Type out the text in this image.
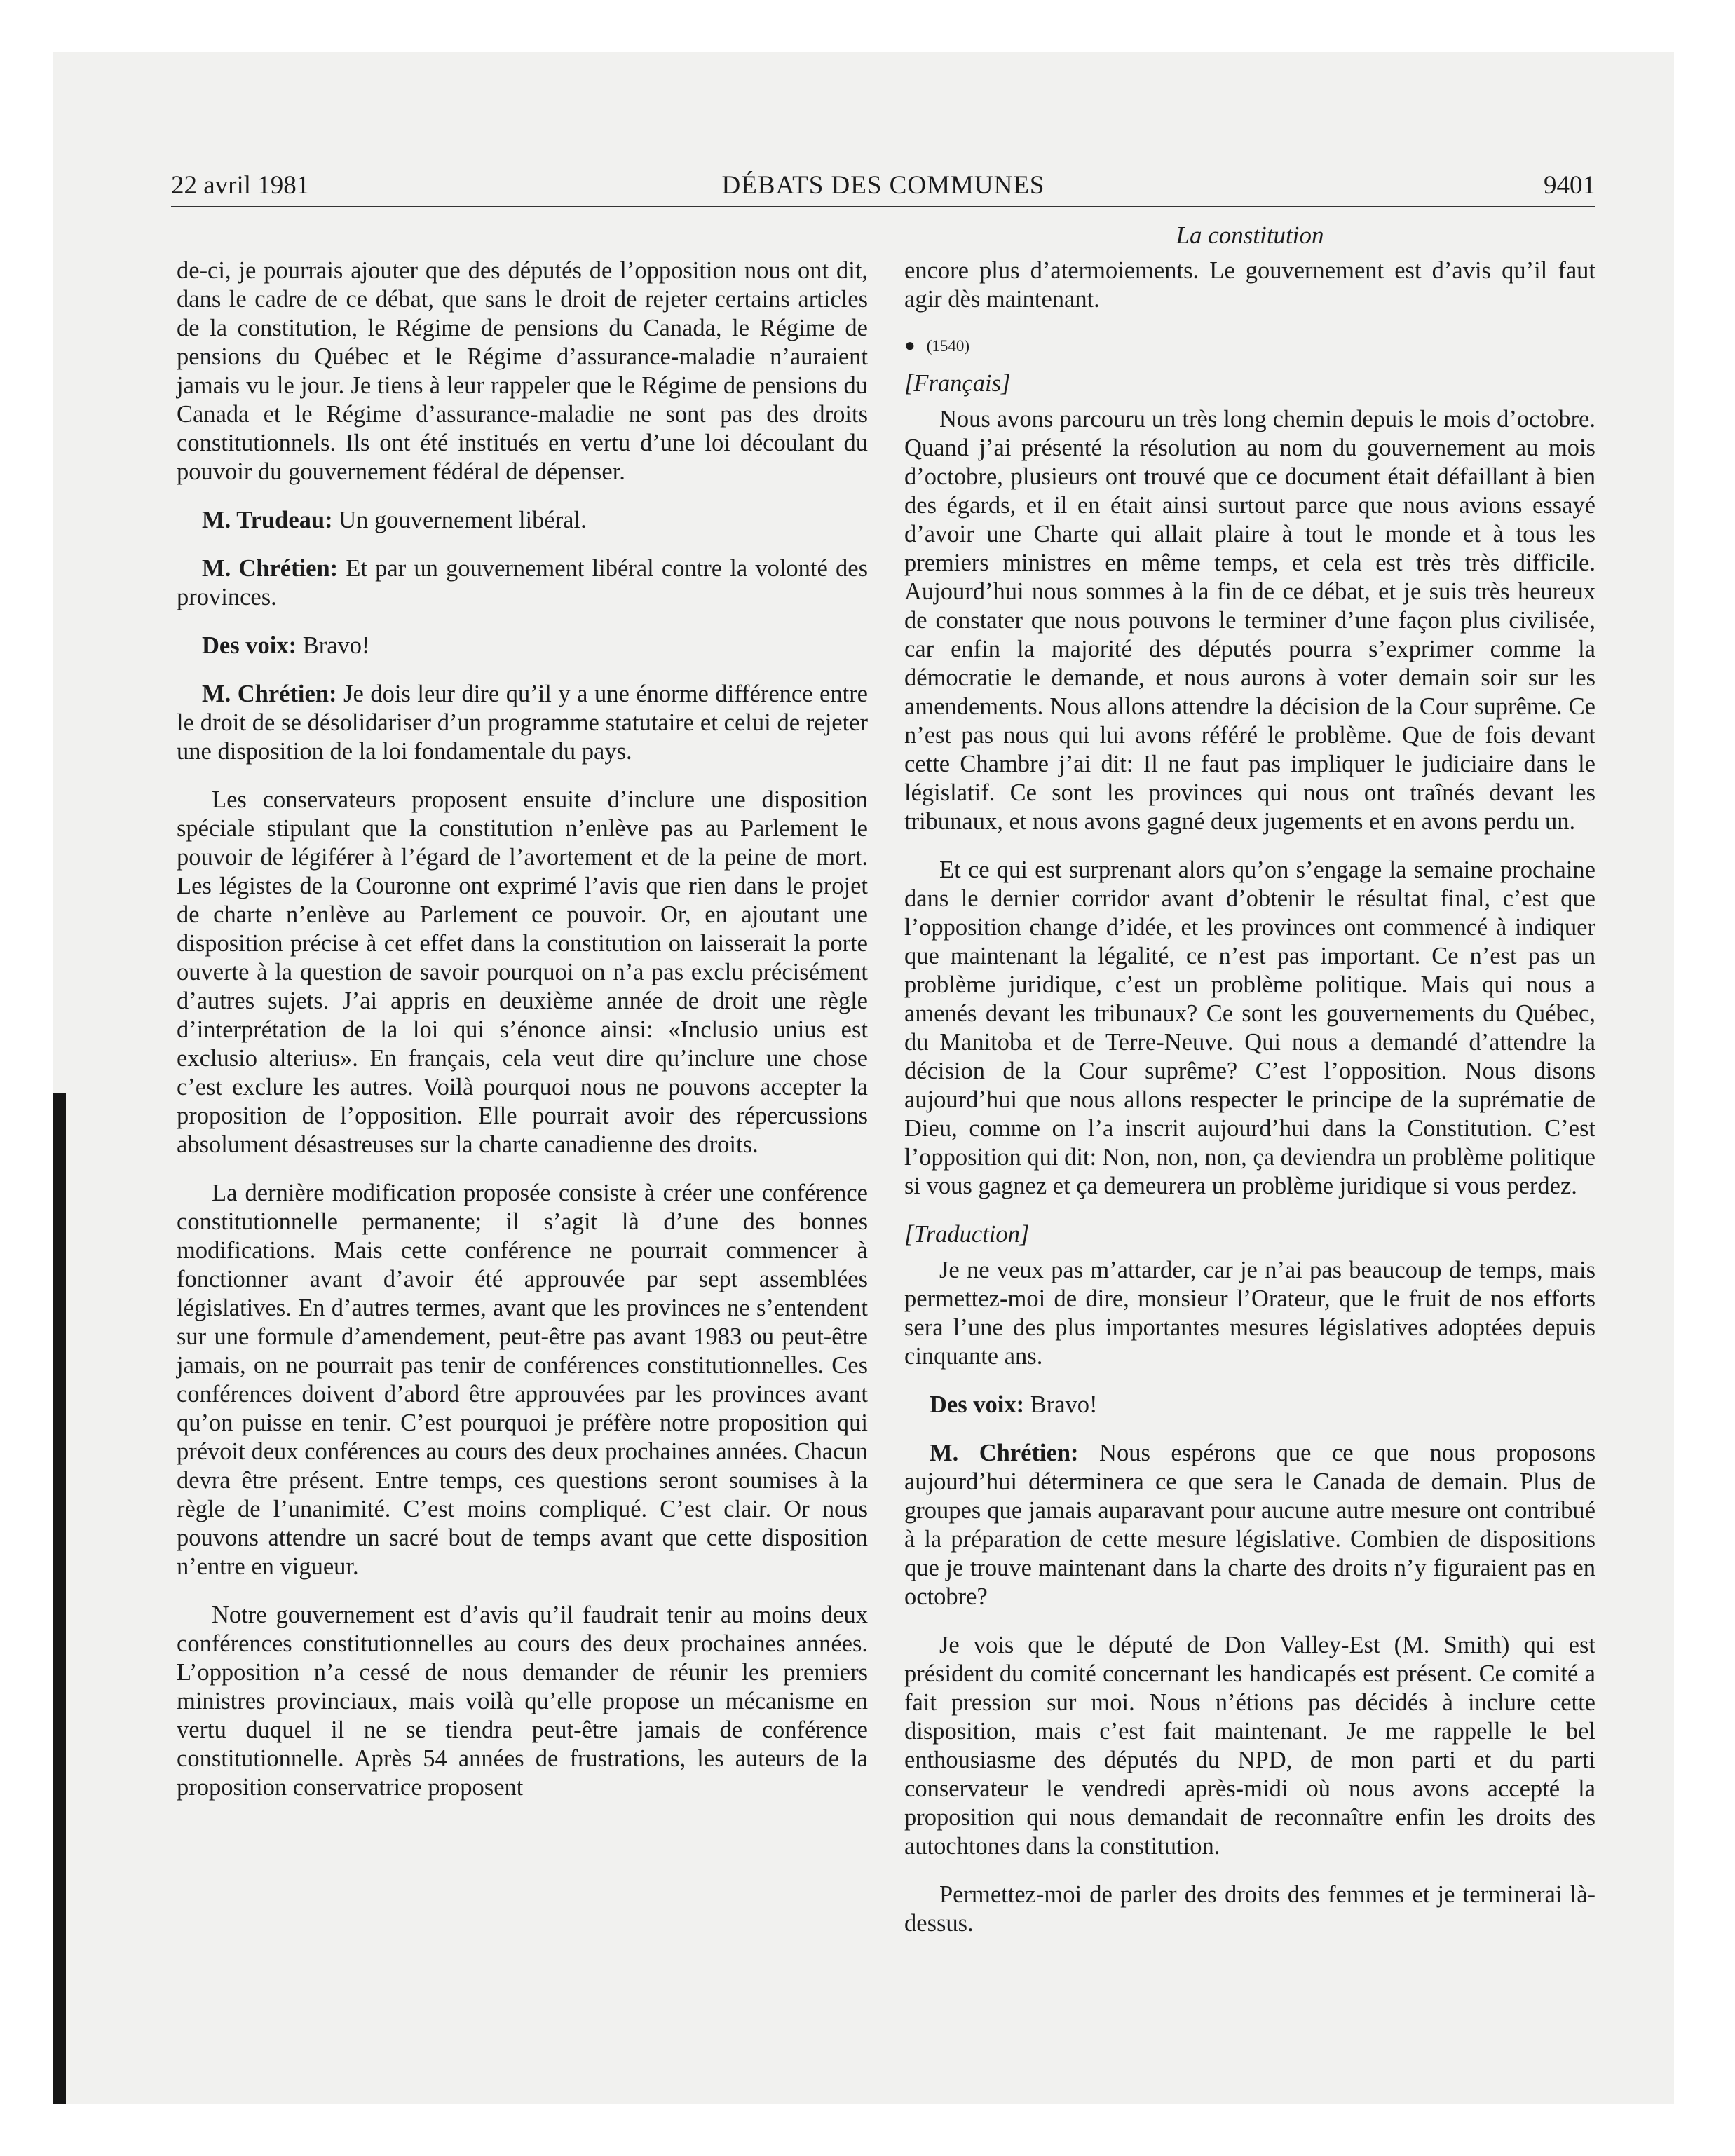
22 avril 1981	DÉBATS DES COMMUNES	9401
La constitution

de-ci, je pourrais ajouter que des députés de l’opposition nous ont dit, dans le cadre de ce débat, que sans le droit de rejeter certains articles de la constitution, le Régime de pensions du Canada, le Régime de pensions du Québec et le Régime d’assurance-maladie n’auraient jamais vu le jour. Je tiens à leur rappeler que le Régime de pensions du Canada et le Régime d’assurance-maladie ne sont pas des droits constitutionnels. Ils ont été institués en vertu d’une loi découlant du pouvoir du gouvernement fédéral de dépenser.

M. Trudeau: Un gouvernement libéral.

M. Chrétien: Et par un gouvernement libéral contre la volonté des provinces.

Des voix: Bravo!

M. Chrétien: Je dois leur dire qu’il y a une énorme différence entre le droit de se désolidariser d’un programme statutaire et celui de rejeter une disposition de la loi fondamentale du pays.

Les conservateurs proposent ensuite d’inclure une disposition spéciale stipulant que la constitution n’enlève pas au Parlement le pouvoir de légiférer à l’égard de l’avortement et de la peine de mort. Les légistes de la Couronne ont exprimé l’avis que rien dans le projet de charte n’enlève au Parlement ce pouvoir. Or, en ajoutant une disposition précise à cet effet dans la constitution on laisserait la porte ouverte à la question de savoir pourquoi on n’a pas exclu précisément d’autres sujets. J’ai appris en deuxième année de droit une règle d’interprétation de la loi qui s’énonce ainsi: «Inclusio unius est exclusio alterius». En français, cela veut dire qu’inclure une chose c’est exclure les autres. Voilà pourquoi nous ne pouvons accepter la proposition de l’opposition. Elle pourrait avoir des répercussions absolument désastreuses sur la charte canadienne des droits.

La dernière modification proposée consiste à créer une conférence constitutionnelle permanente; il s’agit là d’une des bonnes modifications. Mais cette conférence ne pourrait commencer à fonctionner avant d’avoir été approuvée par sept assemblées législatives. En d’autres termes, avant que les provinces ne s’entendent sur une formule d’amendement, peut-être pas avant 1983 ou peut-être jamais, on ne pourrait pas tenir de conférences constitutionnelles. Ces conférences doivent d’abord être approuvées par les provinces avant qu’on puisse en tenir. C’est pourquoi je préfère notre proposition qui prévoit deux conférences au cours des deux prochaines années. Chacun devra être présent. Entre temps, ces questions seront soumises à la règle de l’unanimité. C’est moins compliqué. C’est clair. Or nous pouvons attendre un sacré bout de temps avant que cette disposition n’entre en vigueur.

Notre gouvernement est d’avis qu’il faudrait tenir au moins deux conférences constitutionnelles au cours des deux prochaines années. L’opposition n’a cessé de nous demander de réunir les premiers ministres provinciaux, mais voilà qu’elle propose un mécanisme en vertu duquel il ne se tiendra peut-être jamais de conférence constitutionnelle. Après 54 années de frustrations, les auteurs de la proposition conservatrice proposent

encore plus d’atermoiements. Le gouvernement est d’avis qu’il faut agir dès maintenant.

● (1540)

[Français]

Nous avons parcouru un très long chemin depuis le mois d’octobre. Quand j’ai présenté la résolution au nom du gouvernement au mois d’octobre, plusieurs ont trouvé que ce document était défaillant à bien des égards, et il en était ainsi surtout parce que nous avions essayé d’avoir une Charte qui allait plaire à tout le monde et à tous les premiers ministres en même temps, et cela est très très difficile. Aujourd’hui nous sommes à la fin de ce débat, et je suis très heureux de constater que nous pouvons le terminer d’une façon plus civilisée, car enfin la majorité des députés pourra s’exprimer comme la démocratie le demande, et nous aurons à voter demain soir sur les amendements. Nous allons attendre la décision de la Cour suprême. Ce n’est pas nous qui lui avons référé le problème. Que de fois devant cette Chambre j’ai dit: Il ne faut pas impliquer le judiciaire dans le législatif. Ce sont les provinces qui nous ont traînés devant les tribunaux, et nous avons gagné deux jugements et en avons perdu un.

Et ce qui est surprenant alors qu’on s’engage la semaine prochaine dans le dernier corridor avant d’obtenir le résultat final, c’est que l’opposition change d’idée, et les provinces ont commencé à indiquer que maintenant la légalité, ce n’est pas important. Ce n’est pas un problème juridique, c’est un problème politique. Mais qui nous a amenés devant les tribunaux? Ce sont les gouvernements du Québec, du Manitoba et de Terre-Neuve. Qui nous a demandé d’attendre la décision de la Cour suprême? C’est l’opposition. Nous disons aujourd’hui que nous allons respecter le principe de la suprématie de Dieu, comme on l’a inscrit aujourd’hui dans la Constitution. C’est l’opposition qui dit: Non, non, non, ça deviendra un problème politique si vous gagnez et ça demeurera un problème juridique si vous perdez.

[Traduction]

Je ne veux pas m’attarder, car je n’ai pas beaucoup de temps, mais permettez-moi de dire, monsieur l’Orateur, que le fruit de nos efforts sera l’une des plus importantes mesures législatives adoptées depuis cinquante ans.

Des voix: Bravo!

M. Chrétien: Nous espérons que ce que nous proposons aujourd’hui déterminera ce que sera le Canada de demain. Plus de groupes que jamais auparavant pour aucune autre mesure ont contribué à la préparation de cette mesure législative. Combien de dispositions que je trouve maintenant dans la charte des droits n’y figuraient pas en octobre?

Je vois que le député de Don Valley-Est (M. Smith) qui est président du comité concernant les handicapés est présent. Ce comité a fait pression sur moi. Nous n’étions pas décidés à inclure cette disposition, mais c’est fait maintenant. Je me rappelle le bel enthousiasme des députés du NPD, de mon parti et du parti conservateur le vendredi après-midi où nous avons accepté la proposition qui nous demandait de reconnaître enfin les droits des autochtones dans la constitution.

Permettez-moi de parler des droits des femmes et je terminerai là-dessus.
